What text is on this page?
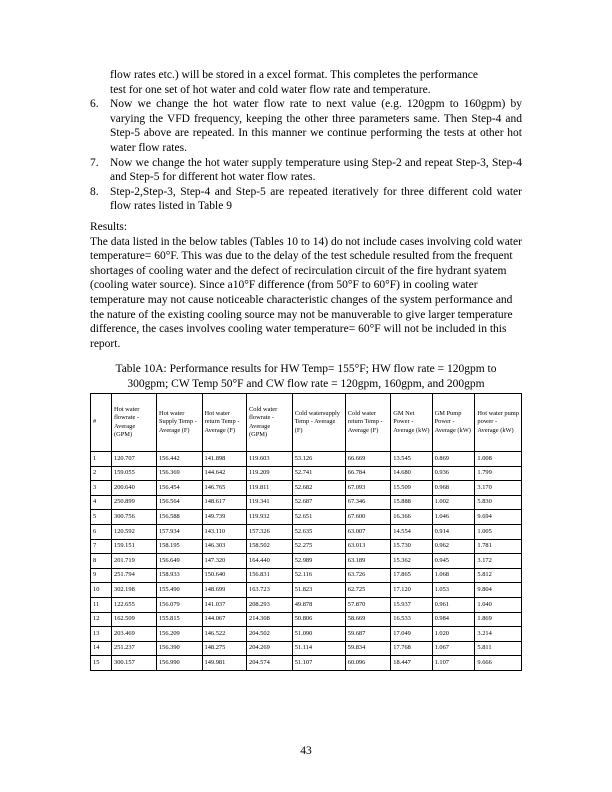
flow rates etc.) will be stored in a excel format. This completes the performance
test for one set of hot water and cold water flow rate and temperature.
6. Now we change the hot water flow rate to next value (e.g. 120gpm to 160gpm) by varying the VFD frequency, keeping the other three parameters same. Then Step-4 and Step-5 above are repeated. In this manner we continue performing the tests at other hot water flow rates.
7. Now we change the hot water supply temperature using Step-2 and repeat Step-3, Step-4 and Step-5 for different hot water flow rates.
8. Step-2,Step-3, Step-4 and Step-5 are repeated iteratively for three different cold water flow rates listed in Table 9

Results:

The data listed in the below tables (Tables 10 to 14) do not include cases involving cold water temperature= 60°F. This was due to the delay of the test schedule resulted from the frequent shortages of cooling water and the defect of recirculation circuit of the fire hydrant syatem (cooling water source). Since a10°F difference (from 50°F to 60°F) in cooling water temperature may not cause noticeable characteristic changes of the system performance and the nature of the existing cooling source may not be manuverable to give larger temperature difference, the cases involves cooling water temperature= 60°F will not be included in this report.

Table 10A: Performance results for HW Temp= 155°F; HW flow rate = 120gpm to
300gpm; CW Temp 50°F and CW flow rate = 120gpm, 160gpm, and 200gpm
#	Hot water flowrate - Average (GPM)	Hot water Supply Temp - Average (F)	Hot water return Temp -Average (F)	Cold water flowrate - Average (GPM)	Cold watersupply Temp - Average (F)	Cold water return Temp - Average (F)	GM Net Power - Average (kW)	GM Pump Power - Average (kW)	Hot water pump power - Average (kW)
1	120.707	156.442	141.898	119.603	53.126	66.669	13.545	0.869	1.008
2	159.055	156.369	144.642	119.209	52.741	66.784	14.680	0.936	1.799
3	200.640	156.454	146.765	119.811	52.682	67.093	15.509	0.968	3.170
4	250.899	156.564	148.617	119.341	52.687	67.346	15.888	1.002	5.830
5	300.756	156.588	149.739	119.932	52.651	67.600	16.366	1.046	9.694
6	120.592	157.934	143.110	157.326	52.635	63.007	14.554	0.914	1.005
7	159.151	158.195	146.303	158.502	52.275	63.013	15.730	0.962	1.781
8	201.719	156.649	147.320	164.440	52.989	63.189	15.362	0.945	3.172
9	251.794	158.933	150.640	156.831	52.116	63.726	17.865	1.068	5.812
10	302.198	155.490	148.699	163.723	51.823	62.725	17.120	1.053	9.804
11	122.655	156.079	141.037	208.293	49.878	57.870	15.937	0.961	1.040
12	162.509	155.815	144.067	214.308	50.806	58.669	16.533	0.984	1.869
13	203.469	156.209	146.522	204.502	51.090	59.687	17.049	1.020	3.214
14	251.237	156.390	148.275	204.269	51.114	59.834	17.768	1.067	5.811
15	300.157	156.990	149.981	204.574	51.107	60.096	18.447	1.107	9.666
43
